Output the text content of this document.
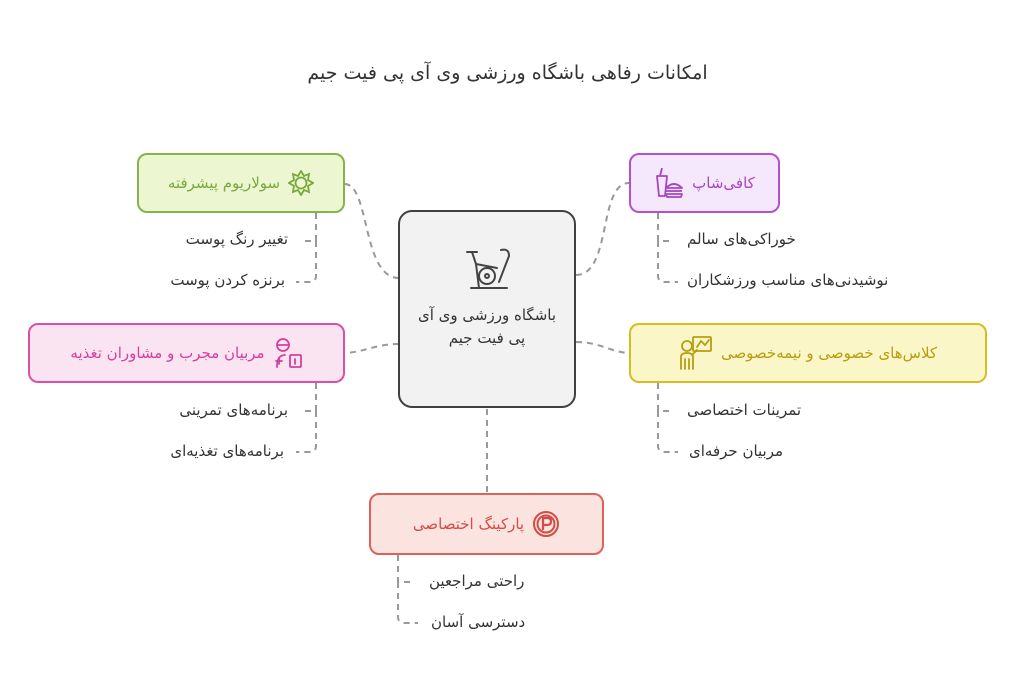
امکانات رفاهی باشگاه ورزشی وی آی پی فیت جیم
باشگاه ورزشی وی آی پی فیت جیم
سولاریوم پیشرفته
تغییر رنگ پوست
برنزه کردن پوست
کافی‌شاپ
خوراکی‌های سالم
نوشیدنی‌های مناسب ورزشکاران
مربیان مجرب و مشاوران تغذیه
برنامه‌های تمرینی
برنامه‌های تغذیه‌ای
کلاس‌های خصوصی و نیمه‌خصوصی
تمرینات اختصاصی
مربیان حرفه‌ای
پارکینگ اختصاصی
راحتی مراجعین
دسترسی آسان
